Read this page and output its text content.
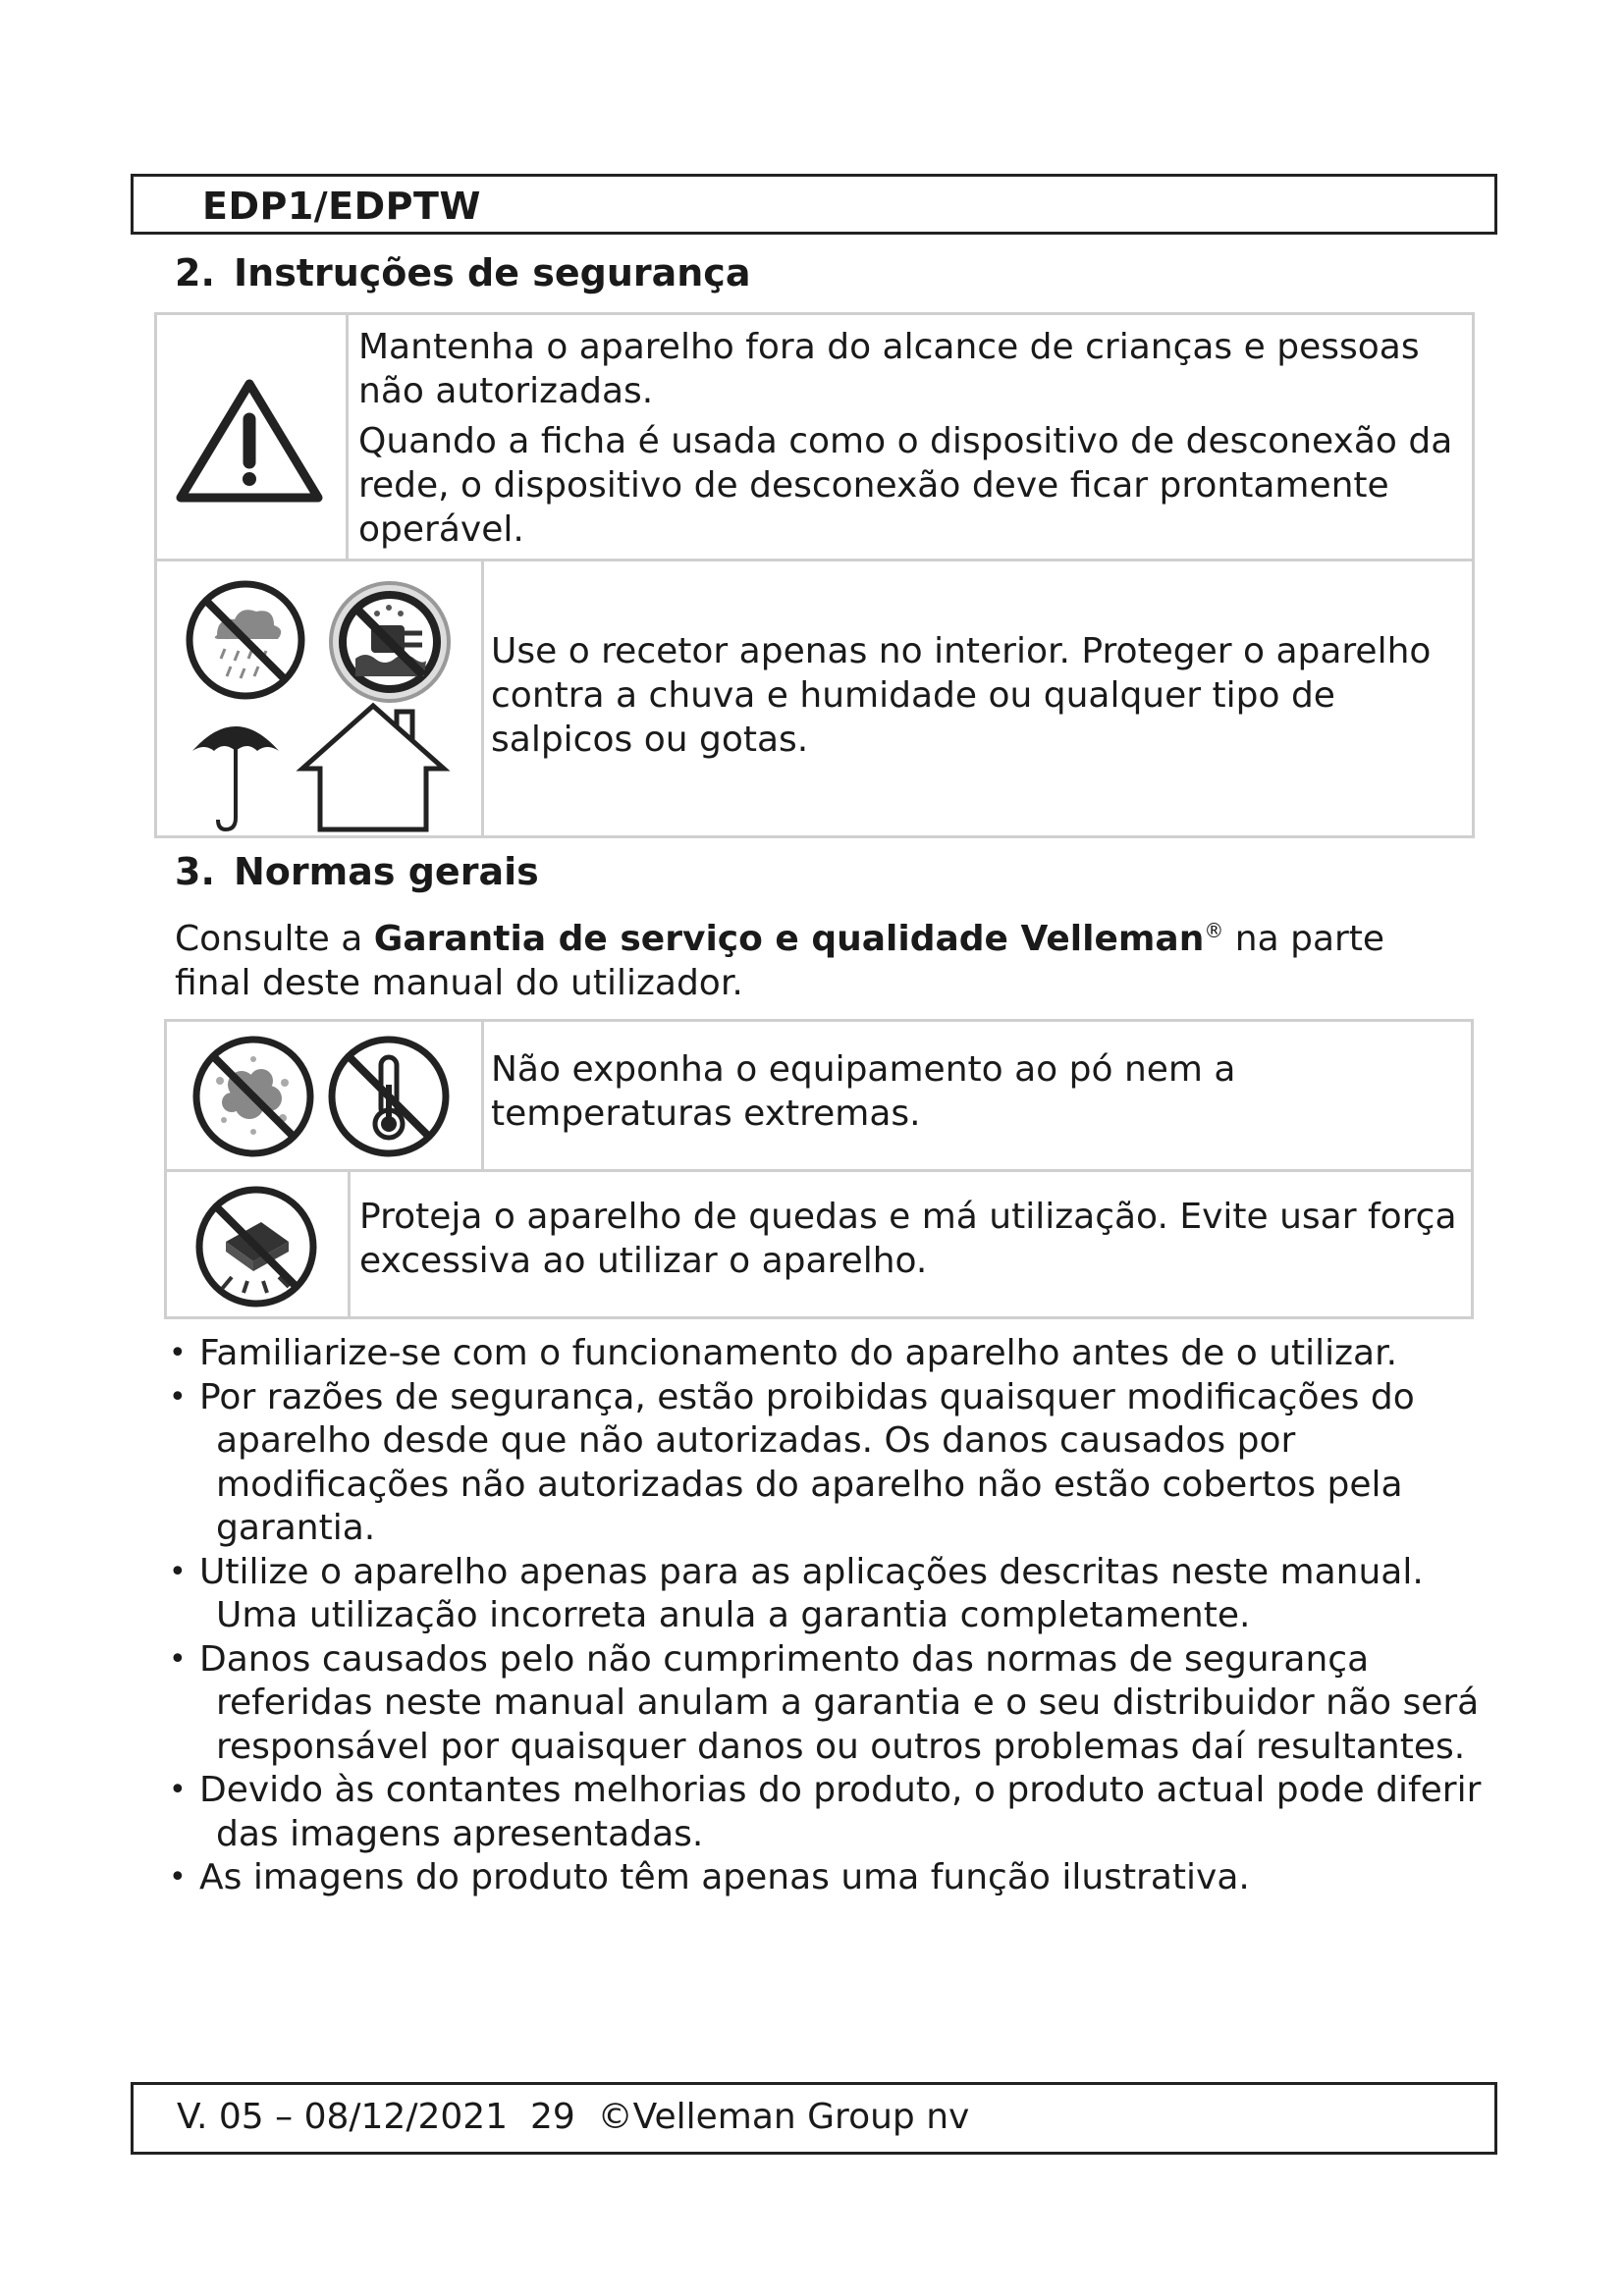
EDP1/EDPTW
2. Instruções de segurança
Mantenha o aparelho fora do alcance de crianças e pessoas não autorizadas.
Quando a ficha é usada como o dispositivo de desconexão da rede, o dispositivo de desconexão deve ficar prontamente operável.
Use o recetor apenas no interior. Proteger o aparelho contra a chuva e humidade ou qualquer tipo de salpicos ou gotas.
3. Normas gerais
Consulte a Garantia de serviço e qualidade Velleman® na parte final deste manual do utilizador.
Não exponha o equipamento ao pó nem a temperaturas extremas.
Proteja o aparelho de quedas e má utilização. Evite usar força excessiva ao utilizar o aparelho.
• Familiarize-se com o funcionamento do aparelho antes de o utilizar.
• Por razões de segurança, estão proibidas quaisquer modificações do aparelho desde que não autorizadas. Os danos causados por modificações não autorizadas do aparelho não estão cobertos pela garantia.
• Utilize o aparelho apenas para as aplicações descritas neste manual. Uma utilização incorreta anula a garantia completamente.
• Danos causados pelo não cumprimento das normas de segurança referidas neste manual anulam a garantia e o seu distribuidor não será responsável por quaisquer danos ou outros problemas daí resultantes.
• Devido às contantes melhorias do produto, o produto actual pode diferir das imagens apresentadas.
• As imagens do produto têm apenas uma função ilustrativa.
V. 05 – 08/12/2021  29  ©Velleman Group nv
